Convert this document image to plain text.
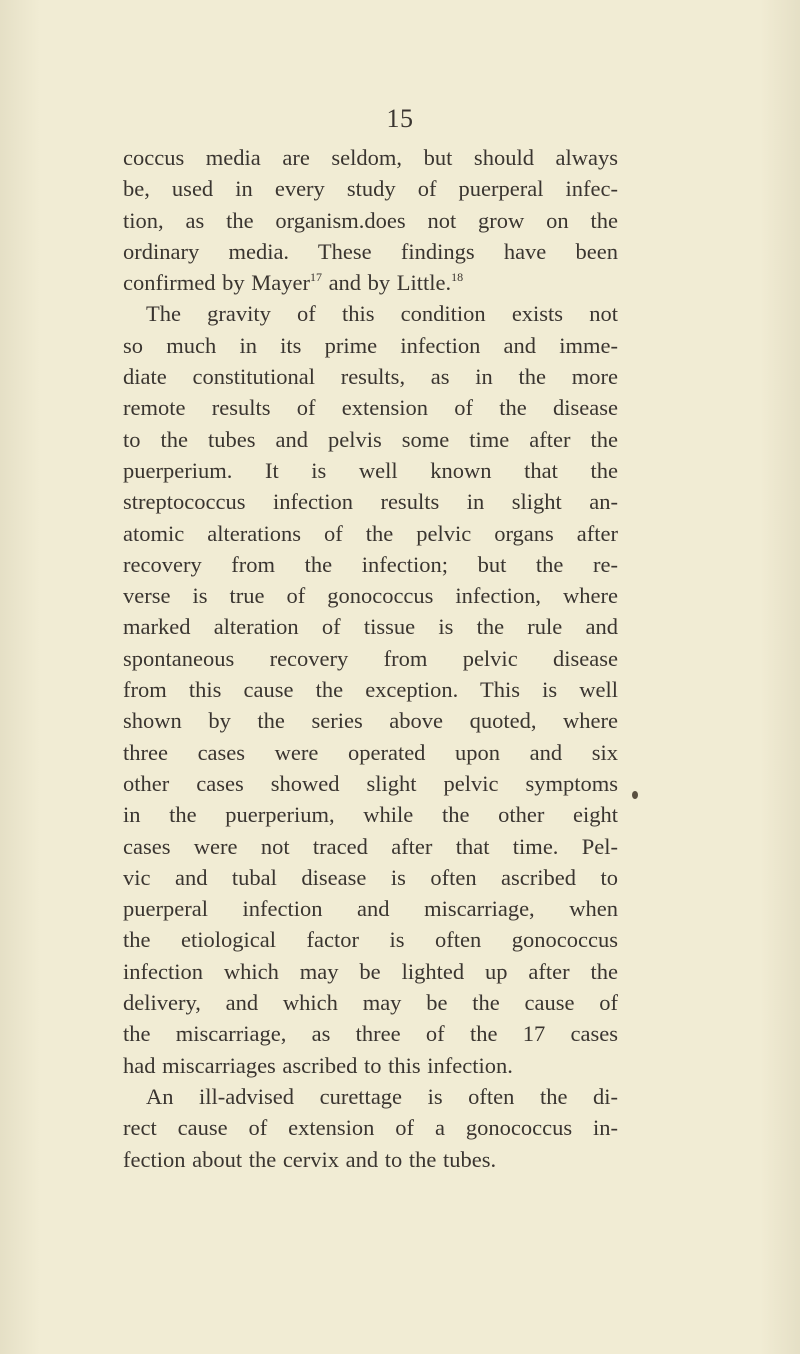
15
coccus media are seldom, but should always
be, used in every study of puerperal infec-
tion, as the organism.does not grow on the
ordinary media. These findings have been
confirmed by Mayer$^{17}$ and by Little.$^{18}$
The gravity of this condition exists not
so much in its prime infection and imme-
diate constitutional results, as in the more
remote results of extension of the disease
to the tubes and pelvis some time after the
puerperium. It is well known that the
streptococcus infection results in slight an-
atomic alterations of the pelvic organs after
recovery from the infection; but the re-
verse is true of gonococcus infection, where
marked alteration of tissue is the rule and
spontaneous recovery from pelvic disease
from this cause the exception. This is well
shown by the series above quoted, where
three cases were operated upon and six
other cases showed slight pelvic symptoms
in the puerperium, while the other eight
cases were not traced after that time. Pel-
vic and tubal disease is often ascribed to
puerperal infection and miscarriage, when
the etiological factor is often gonococcus
infection which may be lighted up after the
delivery, and which may be the cause of
the miscarriage, as three of the 17 cases
had miscarriages ascribed to this infection.
An ill-advised curettage is often the di-
rect cause of extension of a gonococcus in-
fection about the cervix and to the tubes.
